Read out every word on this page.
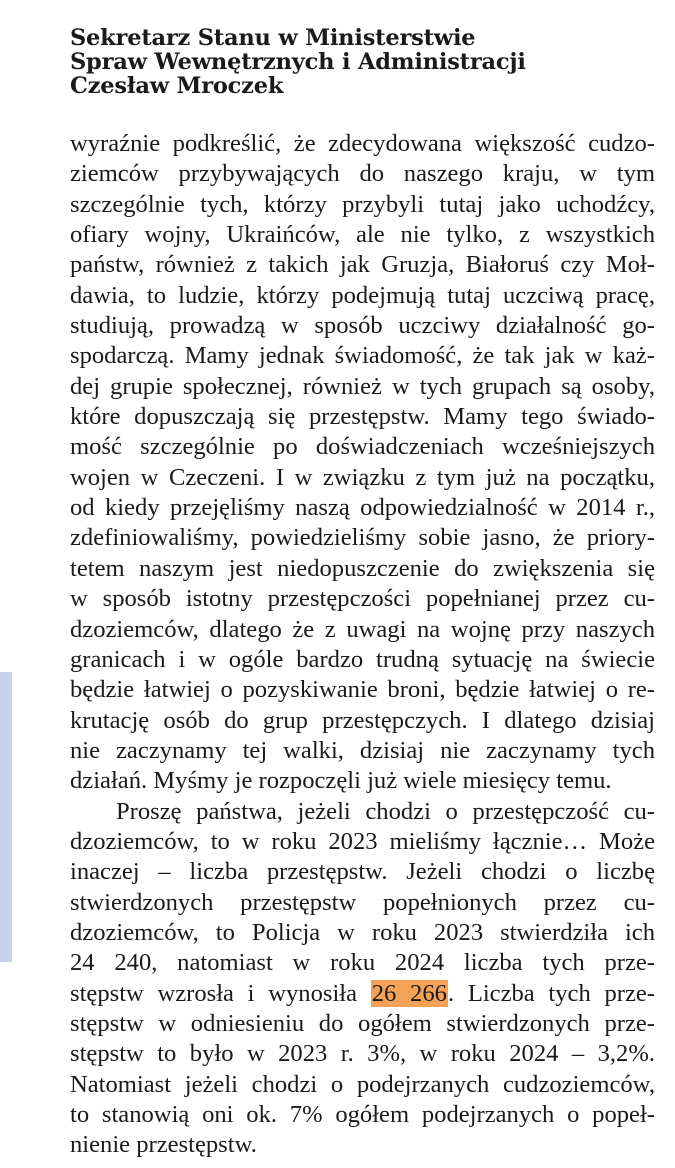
Sekretarz Stanu w Ministerstwie
Spraw Wewnętrznych i Administracji
Czesław Mroczek
wyraźnie podkreślić, że zdecydowana większość cudzo-
ziemców przybywających do naszego kraju, w tym
szczególnie tych, którzy przybyli tutaj jako uchodźcy,
ofiary wojny, Ukraińców, ale nie tylko, z wszystkich
państw, również z takich jak Gruzja, Białoruś czy Moł-
dawia, to ludzie, którzy podejmują tutaj uczciwą pracę,
studiują, prowadzą w sposób uczciwy działalność go-
spodarczą. Mamy jednak świadomość, że tak jak w każ-
dej grupie społecznej, również w tych grupach są osoby,
które dopuszczają się przestępstw. Mamy tego świado-
mość szczególnie po doświadczeniach wcześniejszych
wojen w Czeczeni. I w związku z tym już na początku,
od kiedy przejęliśmy naszą odpowiedzialność w 2014 r.,
zdefiniowaliśmy, powiedzieliśmy sobie jasno, że priory-
tetem naszym jest niedopuszczenie do zwiększenia się
w sposób istotny przestępczości popełnianej przez cu-
dzoziemców, dlatego że z uwagi na wojnę przy naszych
granicach i w ogóle bardzo trudną sytuację na świecie
będzie łatwiej o pozyskiwanie broni, będzie łatwiej o re-
krutację osób do grup przestępczych. I dlatego dzisiaj
nie zaczynamy tej walki, dzisiaj nie zaczynamy tych
działań. Myśmy je rozpoczęli już wiele miesięcy temu.
Proszę państwa, jeżeli chodzi o przestępczość cu-
dzoziemców, to w roku 2023 mieliśmy łącznie… Może
inaczej – liczba przestępstw. Jeżeli chodzi o liczbę
stwierdzonych przestępstw popełnionych przez cu-
dzoziemców, to Policja w roku 2023 stwierdziła ich
24 240, natomiast w roku 2024 liczba tych prze-
stępstw wzrosła i wynosiła 26 266. Liczba tych prze-
stępstw w odniesieniu do ogółem stwierdzonych prze-
stępstw to było w 2023 r. 3%, w roku 2024 – 3,2%.
Natomiast jeżeli chodzi o podejrzanych cudzoziemców,
to stanowią oni ok. 7% ogółem podejrzanych o popeł-
nienie przestępstw.
